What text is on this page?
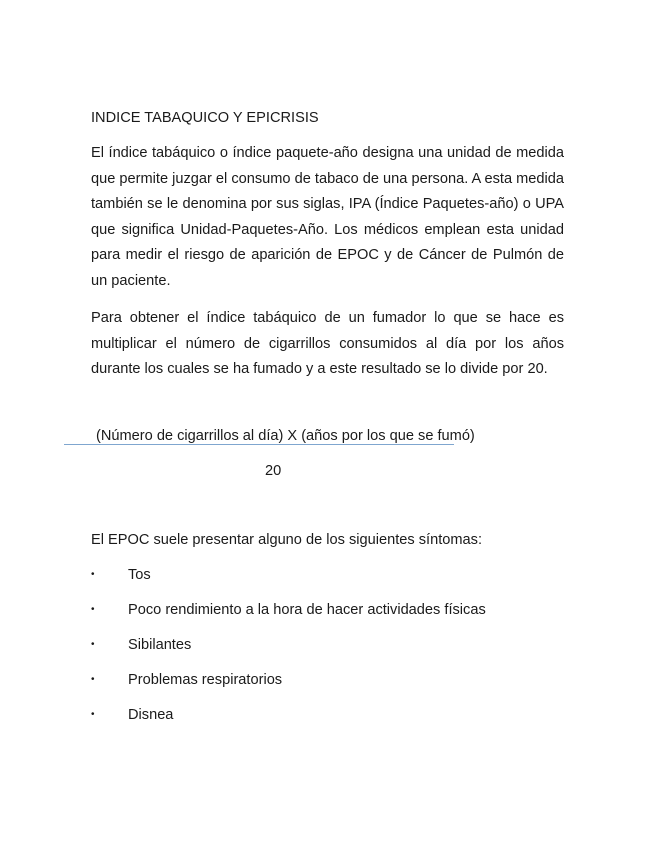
INDICE TABAQUICO Y EPICRISIS

El índice tabáquico o índice paquete-año designa una unidad de medida que permite juzgar el consumo de tabaco de una persona. A esta medida también se le denomina por sus siglas, IPA (Índice Paquetes-año) o UPA que significa Unidad-Paquetes-Año. Los médicos emplean esta unidad para medir el riesgo de aparición de EPOC y de Cáncer de Pulmón de un paciente.

Para obtener el índice tabáquico de un fumador lo que se hace es multiplicar el número de cigarrillos consumidos al día por los años durante los cuales se ha fumado y a este resultado se lo divide por 20.

(Número de cigarrillos al día) X (años por los que se fumó)
20
El EPOC suele presentar alguno de los siguientes síntomas:
• Tos
• Poco rendimiento a la hora de hacer actividades físicas
• Sibilantes
• Problemas respiratorios
• Disnea
